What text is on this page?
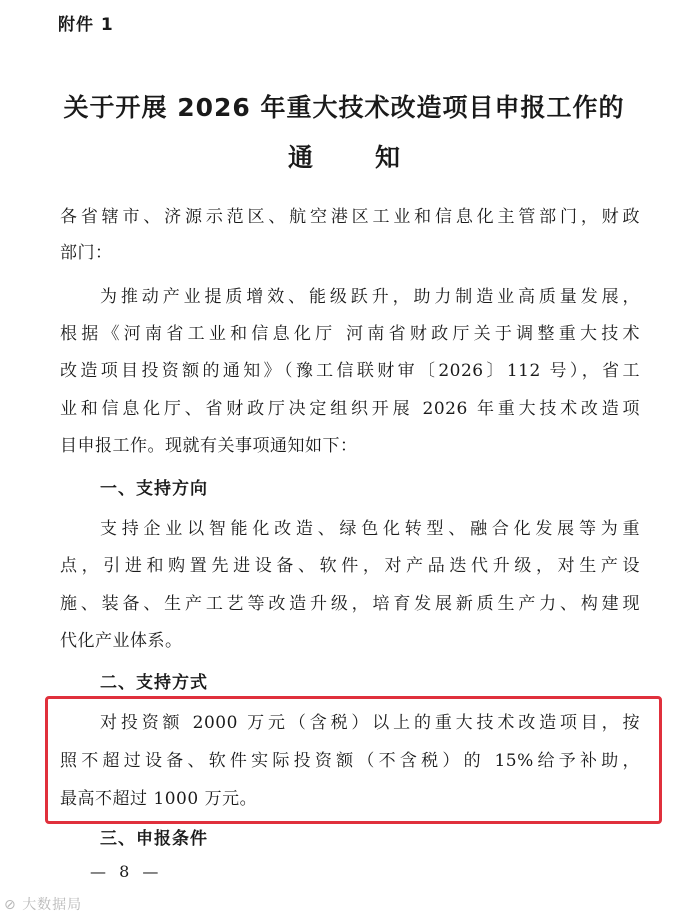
附件 1
关于开展 2026 年重大技术改造项目申报工作的
通 知
各省辖市、济源示范区、航空港区工业和信息化主管部门，财政
部门：
为推动产业提质增效、能级跃升，助力制造业高质量发展，
根据《河南省工业和信息化厅 河南省财政厅关于调整重大技术
改造项目投资额的通知》（豫工信联财审〔2026〕112 号），省工
业和信息化厅、省财政厅决定组织开展 2026 年重大技术改造项
目申报工作。现就有关事项通知如下：
一、支持方向
支持企业以智能化改造、绿色化转型、融合化发展等为重
点，引进和购置先进设备、软件，对产品迭代升级，对生产设
施、装备、生产工艺等改造升级，培育发展新质生产力、构建现
代化产业体系。
二、支持方式
对投资额 2000 万元（含税）以上的重大技术改造项目，按
照不超过设备、软件实际投资额（不含税）的 15%给予补助，
最高不超过 1000 万元。
三、申报条件
— 8 —
⊘ 大数据局
